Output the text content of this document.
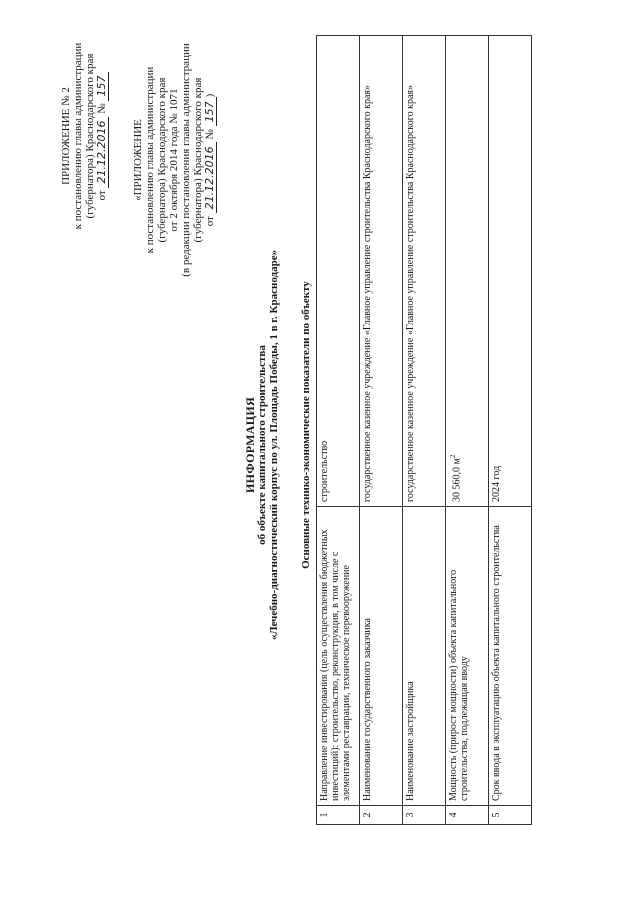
ПРИЛОЖЕНИЕ № 2 к постановлению главы администрации (губернатора) Краснодарского края от 21.12.2016 № 157
«ПРИЛОЖЕНИЕ к постановлению главы администрации (губернатора) Краснодарского края от 2 октября 2014 года № 1071 (в редакции постановления главы администрации (губернатора) Краснодарского края от 21.12.2016 № 157)
ИНФОРМАЦИЯ об объекте капитального строительства «Лечебно-диагностический корпус по ул. Площадь Победы, 1 в г. Краснодаре» Основные технико-экономические показатели по объекту
1	Направление инвестирования (цель осуществления бюджетных инвестиций): строительство, реконструкция, в том числе с элементами реставрации, техническое перевооружение	строительство
2	Наименование государственного заказчика	государственное казенное учреждение «Главное управление строительства Краснодарского края»
3	Наименование застройщика	государственное казенное учреждение «Главное управление строительства Краснодарского края»
4	Мощность (прирост мощности) объекта капитального строительства, подлежащая вводу	30 560,0 $м^2$
5	Срок ввода в эксплуатацию объекта капитального строительства	2024 год
